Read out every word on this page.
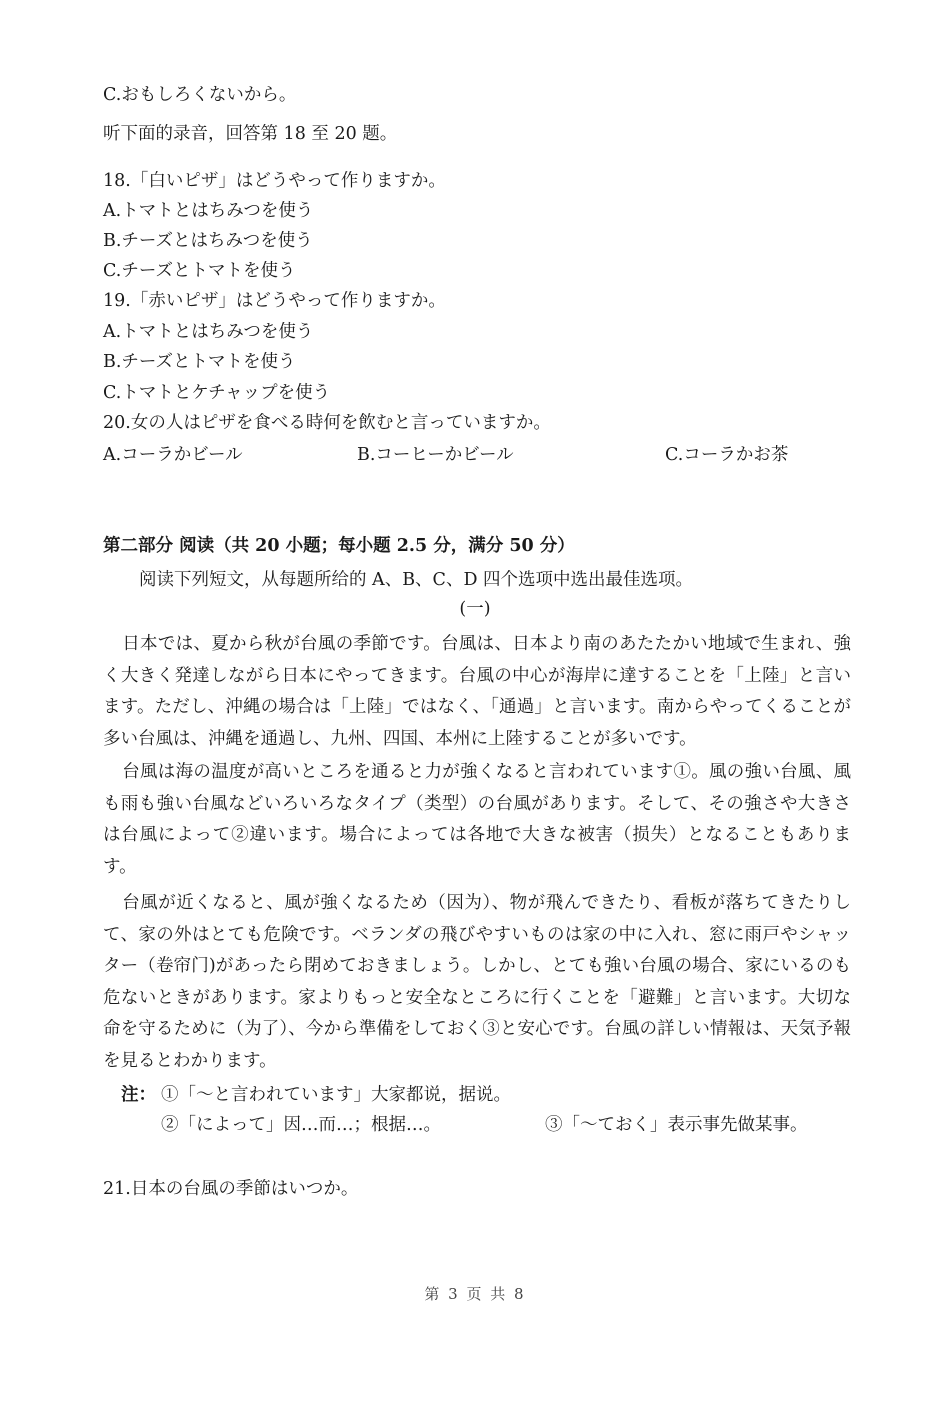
C.おもしろくないから。
听下面的录音，回答第 18 至 20 题。
18.「白いピザ」はどうやって作りますか。
A.トマトとはちみつを使う
B.チーズとはちみつを使う
C.チーズとトマトを使う
19.「赤いピザ」はどうやって作りますか。
A.トマトとはちみつを使う
B.チーズとトマトを使う
C.トマトとケチャップを使う
20.女の人はピザを食べる時何を飲むと言っていますか。
A.コーラかビール	B.コーヒーかビール	C.コーラかお茶
第二部分 阅读（共 20 小题；每小题 2.5 分，满分 50 分）
阅读下列短文，从每题所给的 A、B、C、D 四个选项中选出最佳选项。
(一)
日本では、夏から秋が台風の季節です。台風は、日本より南のあたたかい地域で生まれ、強く大きく発達しながら日本にやってきます。台風の中心が海岸に達することを「上陸」と言います。ただし、沖縄の場合は「上陸」ではなく、「通過」と言います。南からやってくることが多い台風は、沖縄を通過し、九州、四国、本州に上陸することが多いです。
台風は海の温度が高いところを通ると力が強くなると言われています①。風の強い台風、風も雨も強い台風などいろいろなタイプ（类型）の台風があります。そして、その強さや大きさは台風によって②違います。場合によっては各地で大きな被害（损失）となることもあります。
台風が近くなると、風が強くなるため（因为）、物が飛んできたり、看板が落ちてきたりして、家の外はとても危険です。ベランダの飛びやすいものは家の中に入れ、窓に雨戸やシャッター（卷帘门)があったら閉めておきましょう。しかし、とても強い台風の場合、家にいるのも危ないときがあります。家よりもっと安全なところに行くことを「避難」と言います。大切な命を守るために（为了）、今から準備をしておく③と安心です。台風の詳しい情報は、天気予報を見るとわかります。
注： ①「～と言われています」大家都说，据说。
②「によって」因…而…；根据…。	③「～ておく」表示事先做某事。
21.日本の台風の季節はいつか。
第 3 页 共 8
